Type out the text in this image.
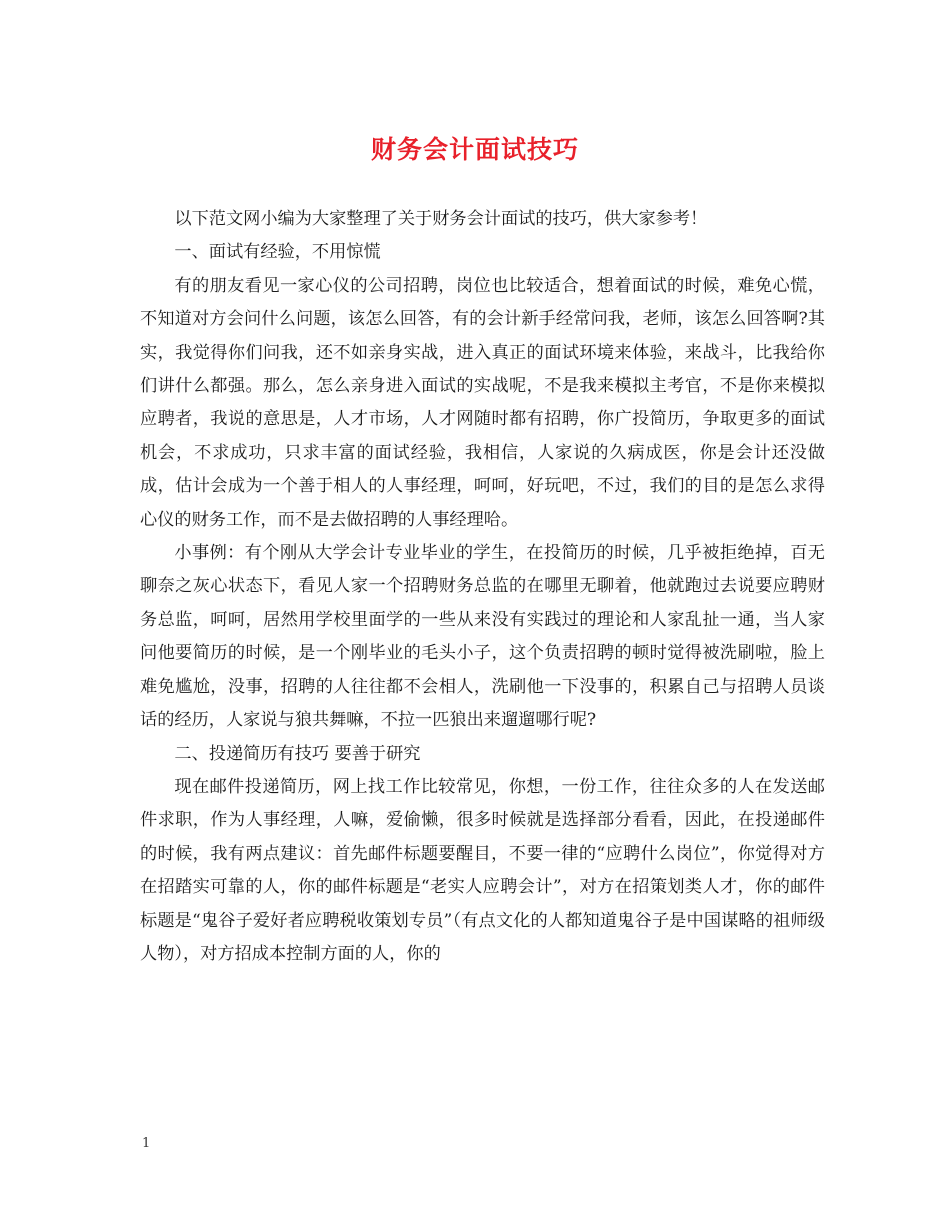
财务会计面试技巧

以下范文网小编为大家整理了关于财务会计面试的技巧，供大家参考！

一、面试有经验，不用惊慌

有的朋友看见一家心仪的公司招聘，岗位也比较适合，想着面试的时候，难免心慌，不知道对方会问什么问题，该怎么回答，有的会计新手经常问我，老师，该怎么回答啊?其实，我觉得你们问我，还不如亲身实战，进入真正的面试环境来体验，来战斗，比我给你们讲什么都强。那么，怎么亲身进入面试的实战呢，不是我来模拟主考官，不是你来模拟应聘者，我说的意思是，人才市场，人才网随时都有招聘，你广投简历，争取更多的面试机会，不求成功，只求丰富的面试经验，我相信，人家说的久病成医，你是会计还没做成，估计会成为一个善于相人的人事经理，呵呵，好玩吧，不过，我们的目的是怎么求得心仪的财务工作，而不是去做招聘的人事经理哈。

小事例：有个刚从大学会计专业毕业的学生，在投简历的时候，几乎被拒绝掉，百无聊奈之灰心状态下，看见人家一个招聘财务总监的在哪里无聊着，他就跑过去说要应聘财务总监，呵呵，居然用学校里面学的一些从来没有实践过的理论和人家乱扯一通，当人家问他要简历的时候，是一个刚毕业的毛头小子，这个负责招聘的顿时觉得被洗刷啦，脸上难免尴尬，没事，招聘的人往往都不会相人，洗刷他一下没事的，积累自己与招聘人员谈话的经历，人家说与狼共舞嘛，不拉一匹狼出来遛遛哪行呢?

二、投递简历有技巧 要善于研究

现在邮件投递简历，网上找工作比较常见，你想，一份工作，往往众多的人在发送邮件求职，作为人事经理，人嘛，爱偷懒，很多时候就是选择部分看看，因此，在投递邮件的时候，我有两点建议：首先邮件标题要醒目，不要一律的“应聘什么岗位”，你觉得对方在招踏实可靠的人，你的邮件标题是“老实人应聘会计”，对方在招策划类人才，你的邮件标题是“鬼谷子爱好者应聘税收策划专员”（有点文化的人都知道鬼谷子是中国谋略的祖师级人物），对方招成本控制方面的人，你的

1
